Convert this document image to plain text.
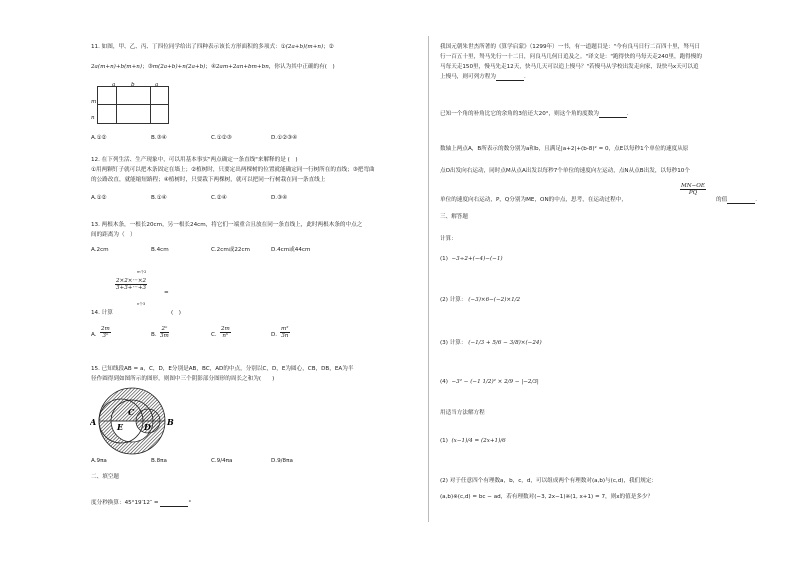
11. 如图，甲、乙、丙、丁四位同学给出了四种表示该长方形面积的多项式：①(2a+b)(m+n)；②
2a(m+n)+b(m+n)；③m(2a+b)+n(2a+b)；④2am+2an+bm+bn，你认为其中正确的有(　)
a	b	a
m
n
A.①②	B.③④	C.①②③	D.①②③④
12. 在下列生活、生产现象中，可以用基本事实"两点确定一条直线"来解释的是 (　)
①用两颗钉子就可以把木条固定在墙上；②植树时，只要定出两棵树的位置就能确定同一行树所在的直线；③把弯曲
的公路改直，就能缩短路程；④植树时，只要栽下两棵树，就可以把同一行树栽在同一条直线上
A.①②	B.①④	C.②④	D.③④
13. 两根木条，一根长20cm，另一根长24cm，将它们一端重合且放在同一条直线上，此时两根木条的中点之
间的距离为（　）
A.2cm	B.4cm	C.2cm或22cm	D.4cm或44cm
m个2
$\frac{2\times 2\times\cdot\cdot\cdot\times 2}{3+3+\cdot\cdot\cdot+3}$
=
n个3
14. 计算	(　)
A. $\frac{2m}{\text{3ⁿ}}$	B. $\frac{\text{2ⁿ}}{3m}$	C. $\frac{2m}{\text{nʰ}}$	D. $\frac{\text{m²}}{3n}$
15. 已知线段AB = a，C，D，E分别是AB，BC，AD的中点，分别以C，D，E为圆心，CB，DB，EA为半
径作圆得到如图所示的图形，则图中三个阴影部分图形的周长之和为(　　)
C
A	E	D B
A.9πa	B.8πa	C.9/4πa	D.9/8πa
二、填空题
度分秒换算：45°19′12″ =	°
我国元朝朱世杰所著的《算学启蒙》（1299年）一书，有一道题目是："今有良马日行二百四十里，驽马日
行一百五十里，驽马先行一十二日，问良马几何日追及之。"译文是："跑得快的马每天走240里，跑得慢的
马每天走150里，慢马先走12天，快马几天可以追上慢马？"若慢马从学校出发走向家，设快马x天可以追
上慢马，则可列方程为	.
已知一个角的补角比它的余角的3倍还大20°，则这个角的度数为	.
数轴上两点A，B所表示的数分别为a和b，且满足|a+2|+(b-8)² = 0，点E以每秒1个单位的速度从原
点O出发向右运动，同时点M从点A出发以每秒7个单位的速度向左运动，点N从点B出发，以每秒10个
单位的速度向右运动，P，Q分别为ME，ON的中点，思考，在运动过程中，
$\frac{MN-OE}{PQ}$
的值	.
三、解答题
计算：
(1) −3÷2+(−4)−(−1)
(2) 计算： (−3)×6−(−2)×1/2
(3) 计算： (−1/3 + 5/6 − 3/8)×(−24)
(4) −3² − (−1 1/2)² × 2/9 − |−2/3|
用适当方法解方程
(1) (x−1)/4 = (2x+1)/6
(2) 对于任意四个有理数a，b，c，d，可以组成两个有理数对(a,b)与(c,d)，我们规定：
(a,b)※(c,d) = bc − ad，若有理数对(−3, 2x−1)※(1, x+1) = 7，则x的值是多少？
